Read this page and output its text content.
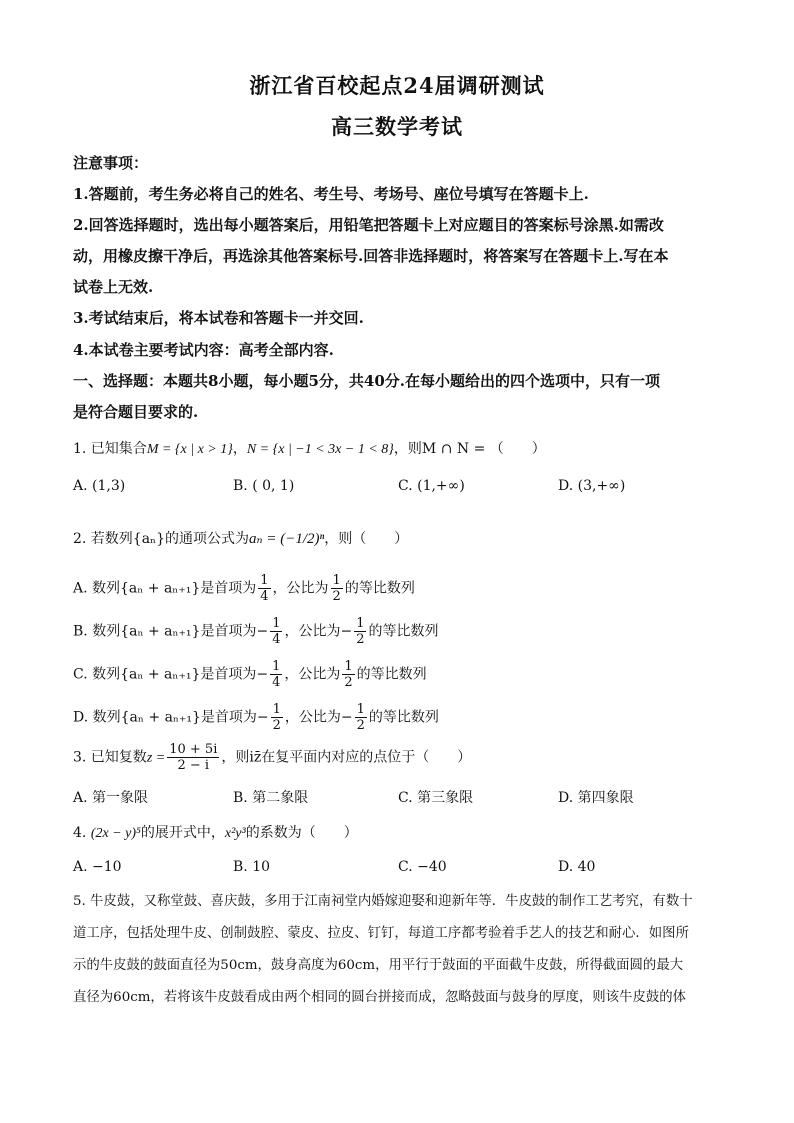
浙江省百校起点24届调研测试
高三数学考试
注意事项：
1.答题前，考生务必将自己的姓名、考生号、考场号、座位号填写在答题卡上.
2.回答选择题时，选出每小题答案后，用铅笔把答题卡上对应题目的答案标号涂黑.如需改
动，用橡皮擦干净后，再选涂其他答案标号.回答非选择题时，将答案写在答题卡上.写在本
试卷上无效.
3.考试结束后，将本试卷和答题卡一并交回.
4.本试卷主要考试内容：高考全部内容.
一、选择题：本题共8小题，每小题5分，共40分.在每小题给出的四个选项中，只有一项
是符合题目要求的.
1. 已知集合M = {x | x > 1}，N = {x | −1 < 3x − 1 < 8}，则M ∩ N = （　　）
A. (1,3)	B. ( 0, 1)	C. (1,+∞)	D. (3,+∞)
2. 若数列{aₙ}的通项公式为aₙ = (−1/2)ⁿ，则（　　）
A. 数列{aₙ + aₙ₊₁}是首项为 $\frac{1}{4}$ ，公比为 $\frac{1}{2}$ 的等比数列
B. 数列{aₙ + aₙ₊₁}是首项为− $\frac{1}{4}$ ，公比为− $\frac{1}{2}$ 的等比数列
C. 数列{aₙ + aₙ₊₁}是首项为− $\frac{1}{4}$ ，公比为 $\frac{1}{2}$ 的等比数列
D. 数列{aₙ + aₙ₊₁}是首项为− $\frac{1}{2}$ ，公比为− $\frac{1}{2}$ 的等比数列
3. 已知复数$z = \frac{10 + 5i}{2 - i}$ ，则iz̄在复平面内对应的点位于（　　）
A. 第一象限	B. 第二象限	C. 第三象限	D. 第四象限
4. (2x − y)⁵的展开式中，x²y³的系数为（　　）
A. −10	B. 10	C. −40	D. 40
5. 牛皮鼓，又称堂鼓、喜庆鼓，多用于江南祠堂内婚嫁迎娶和迎新年等．牛皮鼓的制作工艺考究，有数十
道工序，包括处理牛皮、创制鼓腔、蒙皮、拉皮、钉钉，每道工序都考验着手艺人的技艺和耐心．如图所
示的牛皮鼓的鼓面直径为50cm，鼓身高度为60cm，用平行于鼓面的平面截牛皮鼓，所得截面圆的最大
直径为60cm，若将该牛皮鼓看成由两个相同的圆台拼接而成，忽略鼓面与鼓身的厚度，则该牛皮鼓的体
